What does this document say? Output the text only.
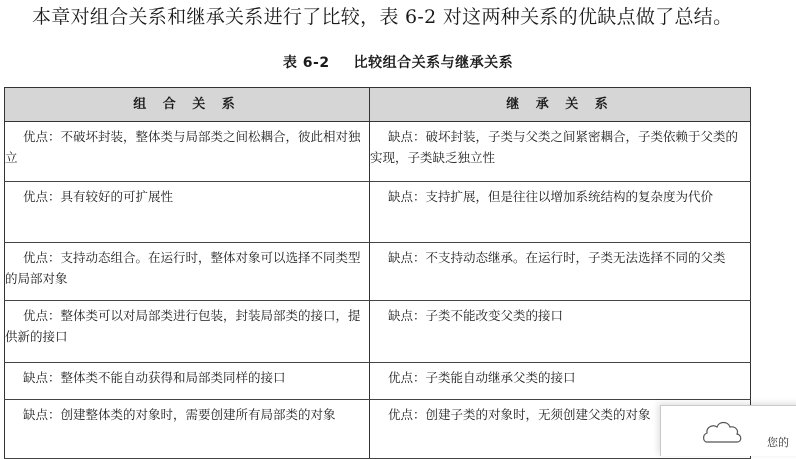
本章对组合关系和继承关系进行了比较，表 6-2 对这两种关系的优缺点做了总结。
表 6-2 比较组合关系与继承关系
组 合 关 系	继 承 关 系
优点：不破坏封装，整体类与局部类之间松耦合，彼此相对独立	缺点：破坏封装，子类与父类之间紧密耦合，子类依赖于父类的实现，子类缺乏独立性
优点：具有较好的可扩展性	缺点：支持扩展，但是往往以增加系统结构的复杂度为代价
优点：支持动态组合。在运行时，整体对象可以选择不同类型的局部对象	缺点：不支持动态继承。在运行时，子类无法选择不同的父类
优点：整体类可以对局部类进行包装，封装局部类的接口，提供新的接口	缺点：子类不能改变父类的接口
缺点：整体类不能自动获得和局部类同样的接口	优点：子类能自动继承父类的接口
缺点：创建整体类的对象时，需要创建所有局部类的对象	优点：创建子类的对象时，无须创建父类的对象
您的
